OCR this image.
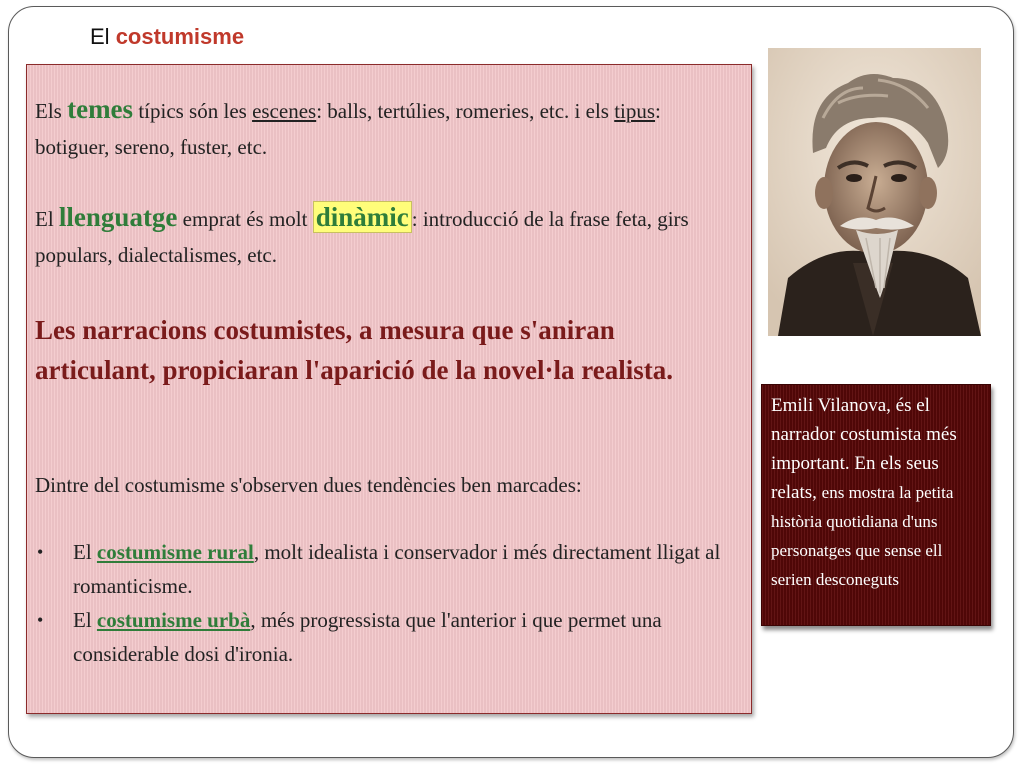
El costumisme
Els temes típics són les escenes: balls, tertúlies, romeries, etc. i els tipus: botiguer, sereno, fuster, etc.
El llenguatge emprat és molt dinàmic : introducció de la frase feta, girs populars, dialectalismes, etc.
Les narracions costumistes, a mesura que s'aniran articulant, propiciaran l'aparició de la novel·la realista.
Dintre del costumisme s'observen dues tendències ben marcades:
• El costumisme rural, molt idealista i conservador i més directament lligat al romanticisme.
• El costumisme urbà, més progressista que l'anterior i que permet una considerable dosi d'ironia.
Emili Vilanova, és el narrador costumista més important. En els seus relats, ens mostra la petita història quotidiana d'uns personatges que sense ell serien desconeguts
